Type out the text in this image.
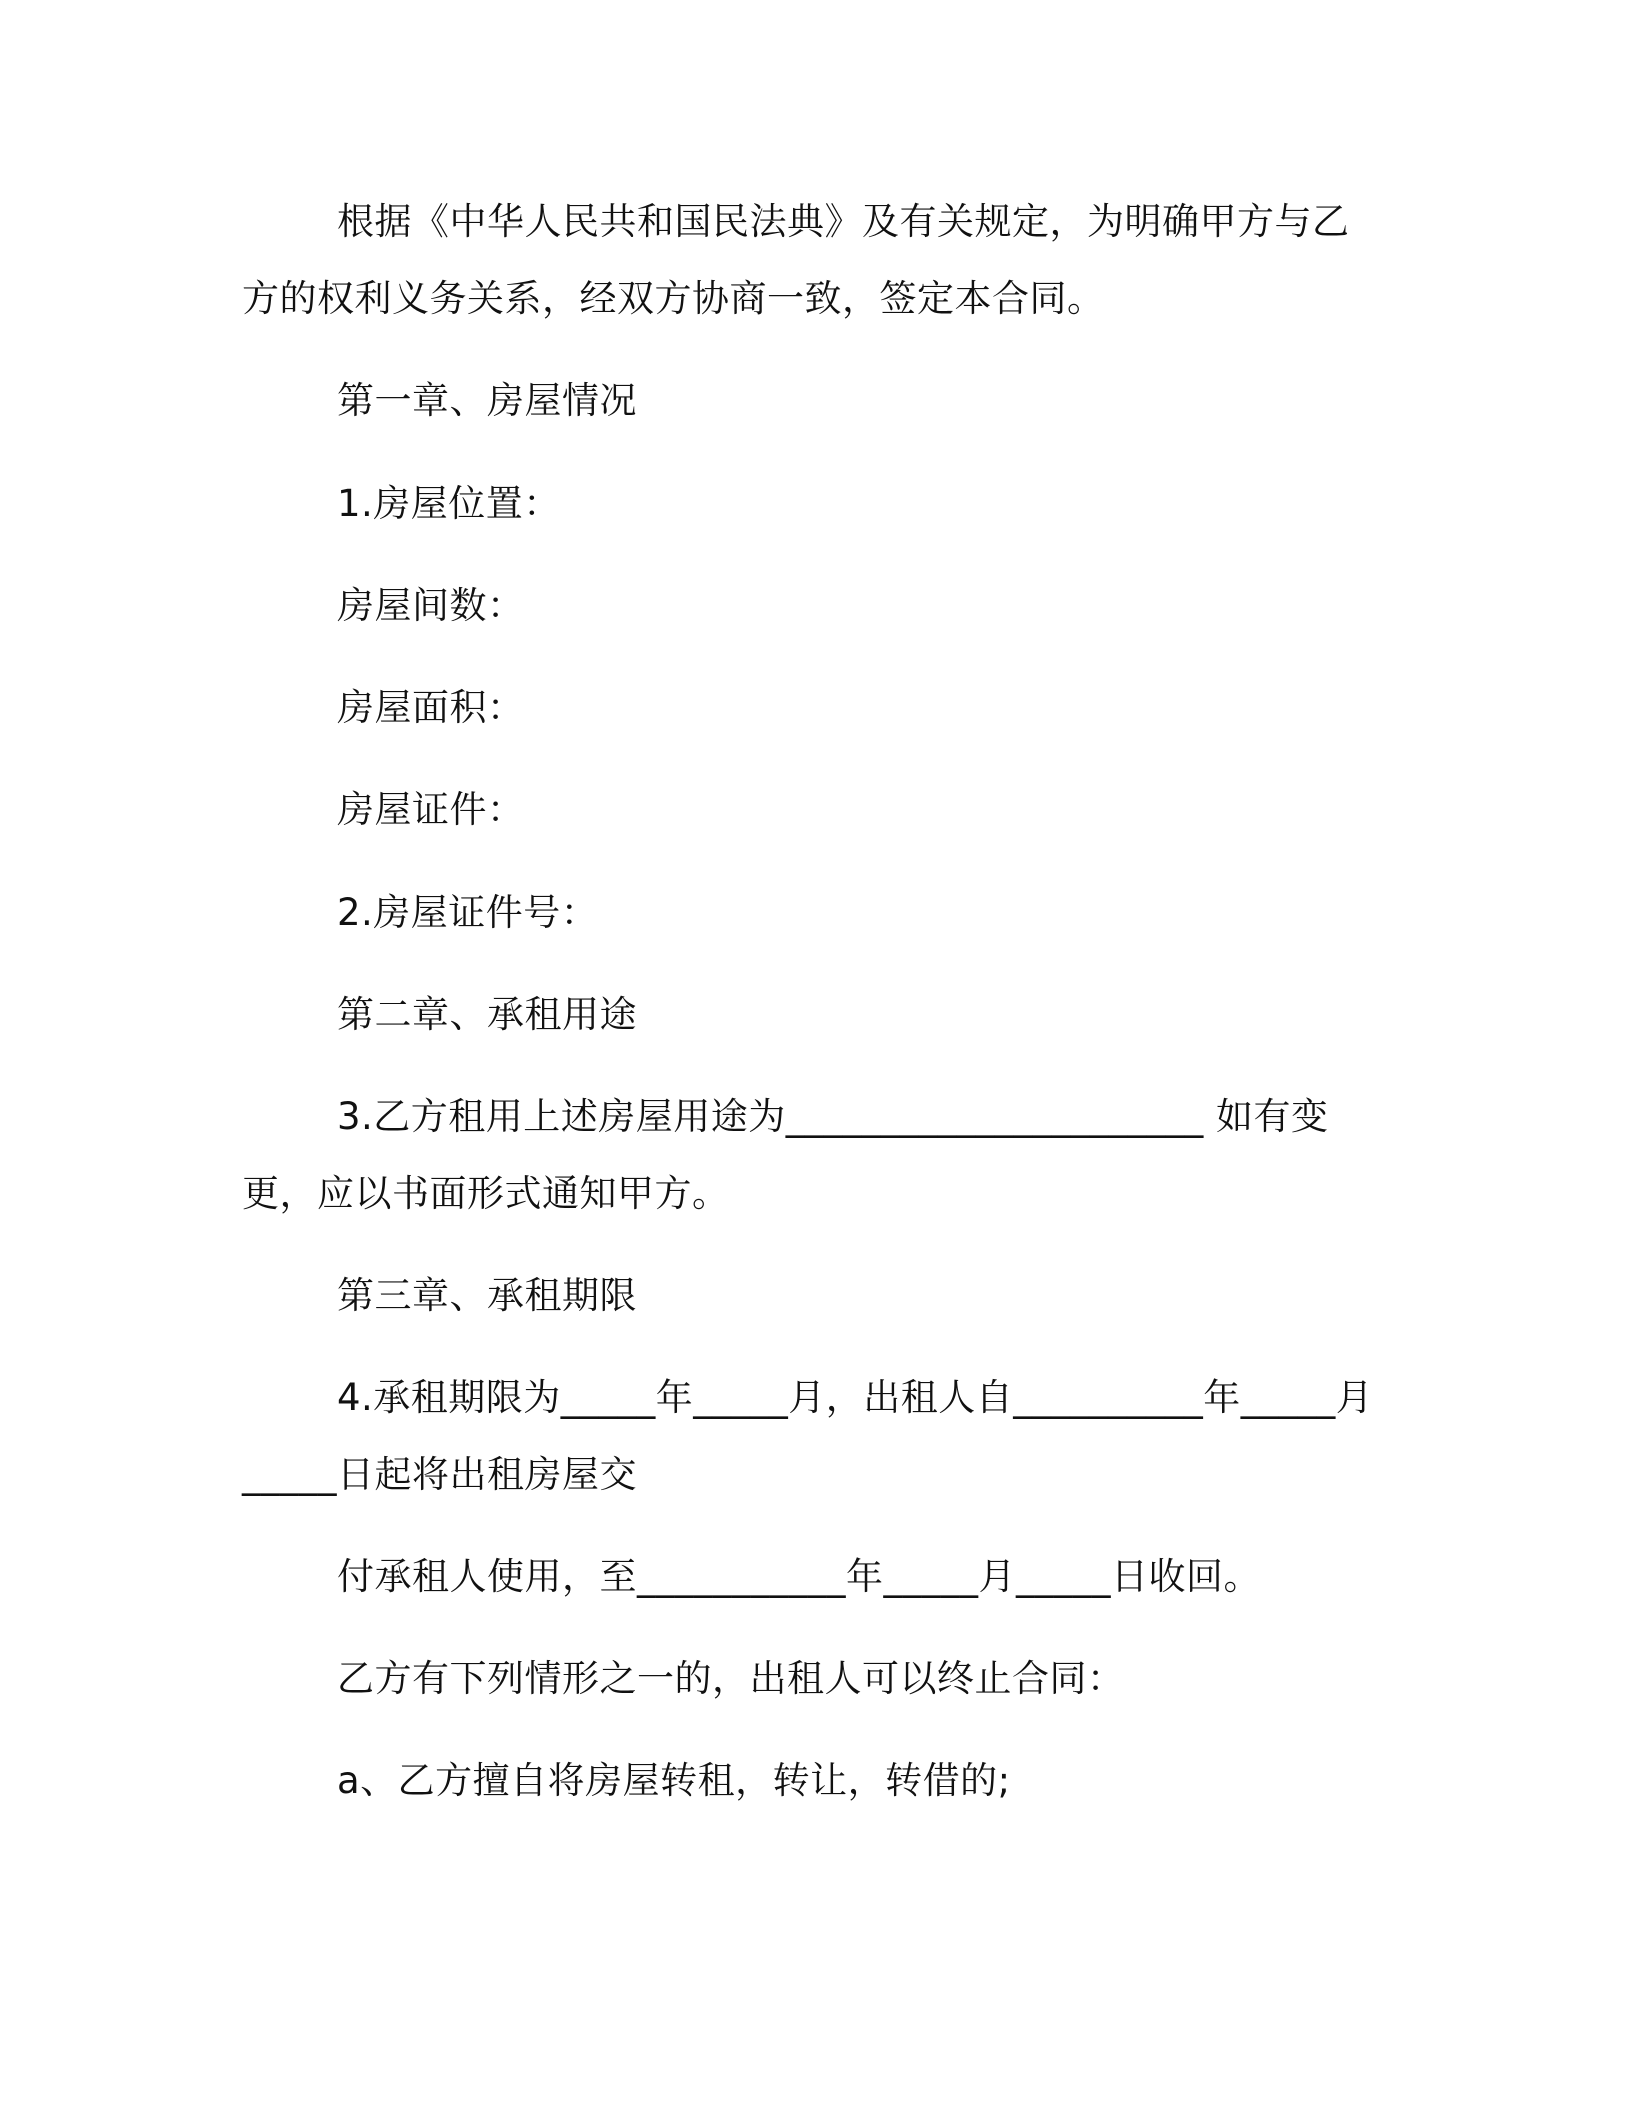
根据《中华人民共和国民法典》及有关规定，为明确甲方与乙方的权利义务关系，经双方协商一致，签定本合同。

第一章、房屋情况

1.房屋位置：

房屋间数：

房屋面积：

房屋证件：

2.房屋证件号：

第二章、承租用途

3.乙方租用上述房屋用途为______________________ 如有变更，应以书面形式通知甲方。

第三章、承租期限

4.承租期限为_____年_____月，出租人自__________年_____月_____日起将出租房屋交

付承租人使用，至___________年_____月_____日收回。

乙方有下列情形之一的，出租人可以终止合同：

a、乙方擅自将房屋转租，转让，转借的;
